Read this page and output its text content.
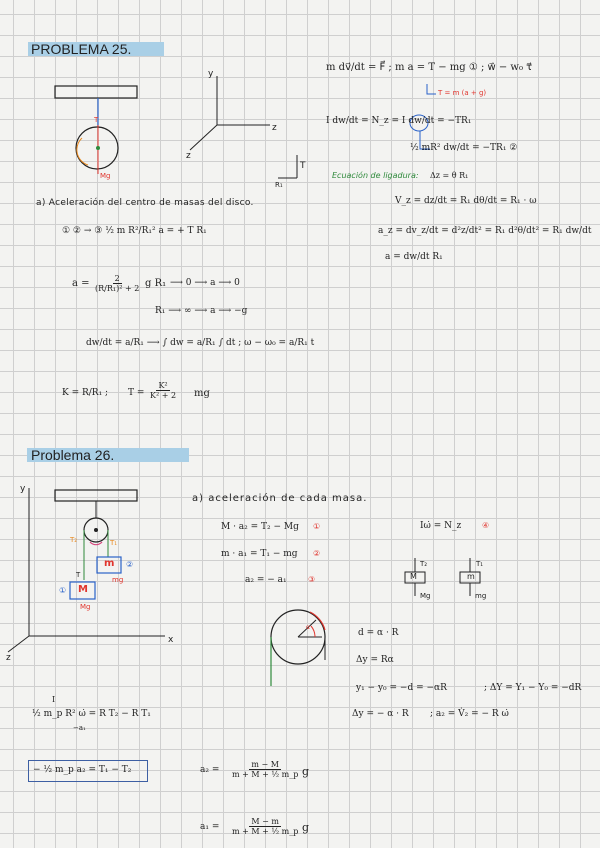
PROBLEMA 25.
y
z
z
T
R₁
T
Mg
m dv⃗/dt = F⃗ ; m a = T − mg ① ; w⃗ − w₀ τ⃗
T = m (a + g)
I dw/dt = N_z = I dw/dt = −TR₁
½ mR² dw/dt = −TR₁ ②
Ecuación de ligadura: Δz = θ R₁
V_z = dz/dt = R₁ dθ/dt = R₁ · ω
a_z = dv_z/dt = d²z/dt² = R₁ d²θ/dt² = R₁ dw/dt
a = dw/dt R₁
a) Aceleración del centro de masas del disco.
① ② → ③ ½ m R²/R₁² a = + T R₁
$a = \frac{2}{\text{(R/R₁)² + 2}}$ g R₁ ⟶ 0 ⟶ a ⟶ 0
R₁ ⟶ ∞ ⟶ a ⟶ −g
dw/dt = a/R₁ ⟶ ∫ dw = a/R₁ ∫ dt ; ω − ω₀ = a/R₁ t
K = R/R₁ ; $T = \frac{\text{K²}}{\text{K² + 2}}$ mg
Problema 26.
y
x
z
T₂	T₁
m ②
mg
T
M
①
Mg
a) aceleración de cada masa.
M · a₂ = T₂ − Mg ①
m · a₁ = T₁ − mg ②
a₂ = − a₁	③
Iω̇ = N_z	④
T₂
M
Mg
T₁
m
mg
α
d = α · R
Δy = Rα
y₁ − y₀ = −d = −αR	; ΔY = Y₁ − Y₀ = −dR
Δy = − α · R ; a₂ = V̇₂ = − R ω̇
I
½ m_p R² ω̇ = R T₂ − R T₁
−a₁
− ½ m_p a₂ = T₁ − T₂	$a_2 = \frac{m - M}{\text{m + M + ½ m\_p}}$ g
$a_1 = \frac{M - m}{\text{m + M + ½ m\_p}}$ g
